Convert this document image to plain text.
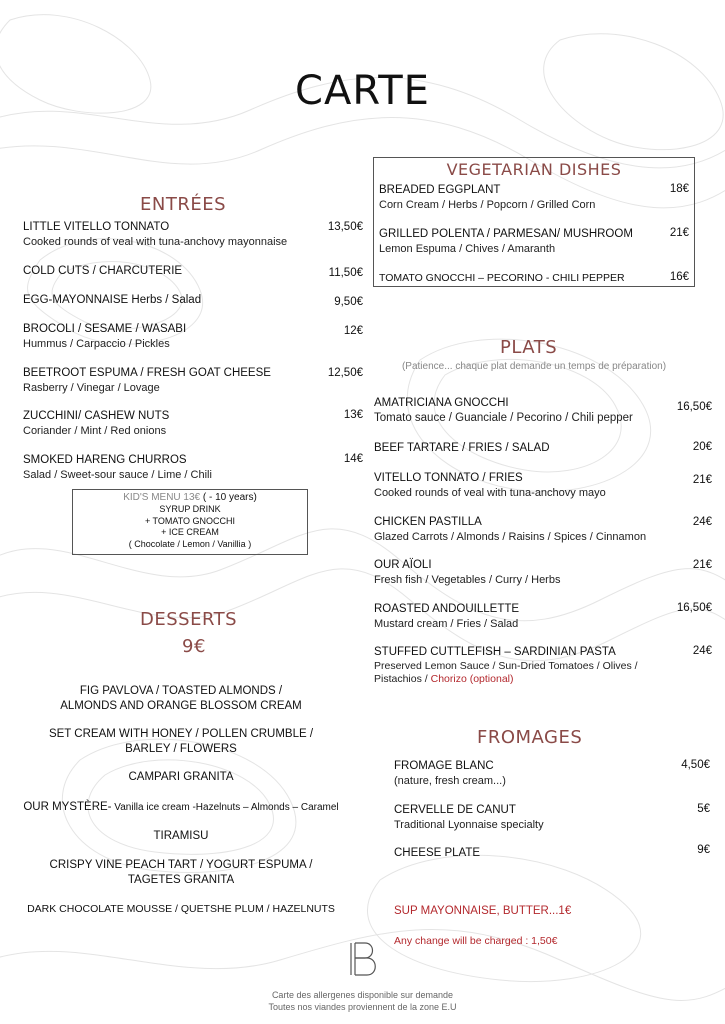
CARTE
ENTRÉES
LITTLE VITELLO TONNATO
Cooked rounds of veal with tuna-anchovy mayonnaise
13,50€
COLD CUTS / CHARCUTERIE	11,50€
EGG-MAYONNAISE Herbs / Salad	9,50€
BROCOLI / SESAME / WASABI
Hummus / Carpaccio / Pickles
12€
BEETROOT ESPUMA / FRESH GOAT CHEESE
Rasberry / Vinegar / Lovage
12,50€
ZUCCHINI/ CASHEW NUTS
Coriander / Mint / Red onions
13€
SMOKED HARENG CHURROS
Salad / Sweet-sour sauce / Lime / Chili
14€
KID'S MENU 13€ ( - 10 years)
SYRUP DRINK
+ TOMATO GNOCCHI
+ ICE CREAM
( Chocolate / Lemon / Vanillia )
DESSERTS
9€
FIG PAVLOVA / TOASTED ALMONDS /
ALMONDS AND ORANGE BLOSSOM CREAM
SET CREAM WITH HONEY / POLLEN CRUMBLE /
BARLEY / FLOWERS
CAMPARI GRANITA
OUR MYSTÈRE- Vanilla ice cream -Hazelnuts – Almonds – Caramel
TIRAMISU
CRISPY VINE PEACH TART / YOGURT ESPUMA /
TAGETES GRANITA
DARK CHOCOLATE MOUSSE / QUETSHE PLUM / HAZELNUTS
VEGETARIAN DISHES
BREADED EGGPLANT
Corn Cream / Herbs / Popcorn / Grilled Corn
18€
GRILLED POLENTA / PARMESAN/ MUSHROOM
Lemon Espuma / Chives / Amaranth
21€
TOMATO GNOCCHI – PECORINO - CHILI PEPPER	16€
PLATS
(Patience... chaque plat demande un temps de préparation)
AMATRICIANA GNOCCHI
Tomato sauce / Guanciale / Pecorino / Chili pepper
16,50€
BEEF TARTARE / FRIES / SALAD	20€
VITELLO TONNATO / FRIES
Cooked rounds of veal with tuna-anchovy mayo
21€
CHICKEN PASTILLA
Glazed Carrots / Almonds / Raisins / Spices / Cinnamon
24€
OUR AÏOLI
Fresh fish / Vegetables / Curry / Herbs
21€
ROASTED ANDOUILLETTE
Mustard cream / Fries / Salad
16,50€
STUFFED CUTTLEFISH – SARDINIAN PASTA
Preserved Lemon Sauce / Sun-Dried Tomatoes / Olives /
Pistachios / Chorizo (optional)
24€
FROMAGES
FROMAGE BLANC
(nature, fresh cream...)
4,50€
CERVELLE DE CANUT
Traditional Lyonnaise specialty
5€
CHEESE PLATE	9€
SUP MAYONNAISE, BUTTER...1€
Any change will be charged : 1,50€
Carte des allergenes disponible sur demande
Toutes nos viandes proviennent de la zone E.U
